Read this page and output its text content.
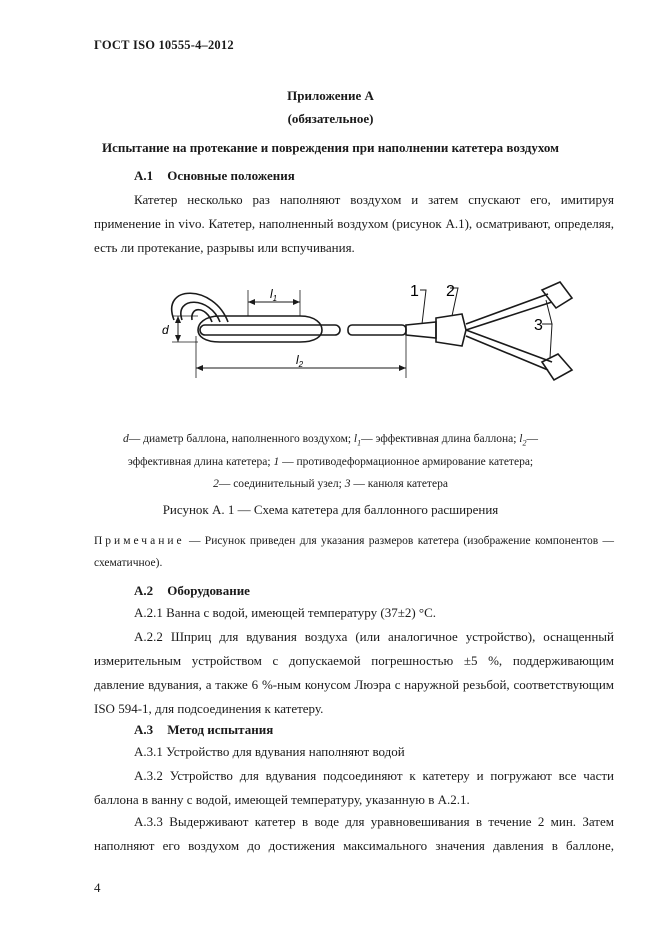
ГОСТ ISO 10555-4–2012
Приложение А
(обязательное)
Испытание на протекание и повреждения при наполнении катетера воздухом
А.1 Основные положения
Катетер несколько раз наполняют воздухом и затем спускают его, имитируя применение in vivo. Катетер, наполненный воздухом (рисунок А.1), осматривают, определяя, есть ли протекание, разрывы или вспучивания.
d
$l_1$
$l_2$
1 2
3
d— диаметр баллона, наполненного воздухом; $l_1—$ эффективная длина баллона; $l_2—$
эффективная длина катетера; 1 — противодеформационное армирование катетера;
2— соединительный узел; 3 — канюля катетера
Рисунок А. 1 — Схема катетера для баллонного расширения
Примечание — Рисунок приведен для указания размеров катетера (изображение компонентов — схематичное).
А.2 Оборудование
А.2.1 Ванна с водой, имеющей температуру (37±2) °С.
А.2.2 Шприц для вдувания воздуха (или аналогичное устройство), оснащенный измерительным устройством с допускаемой погрешностью ±5 %, поддерживающим давление вдувания, а также 6 %-ным конусом Люэра с наружной резьбой, соответствующим ISO 594-1, для подсоединения к катетеру.
А.3 Метод испытания
А.3.1 Устройство для вдувания наполняют водой
А.3.2 Устройство для вдувания подсоединяют к катетеру и погружают все части баллона в ванну с водой, имеющей температуру, указанную в А.2.1.
А.3.3 Выдерживают катетер в воде для уравновешивания в течение 2 мин. Затем наполняют его воздухом до достижения максимального значения давления в баллоне,
4
